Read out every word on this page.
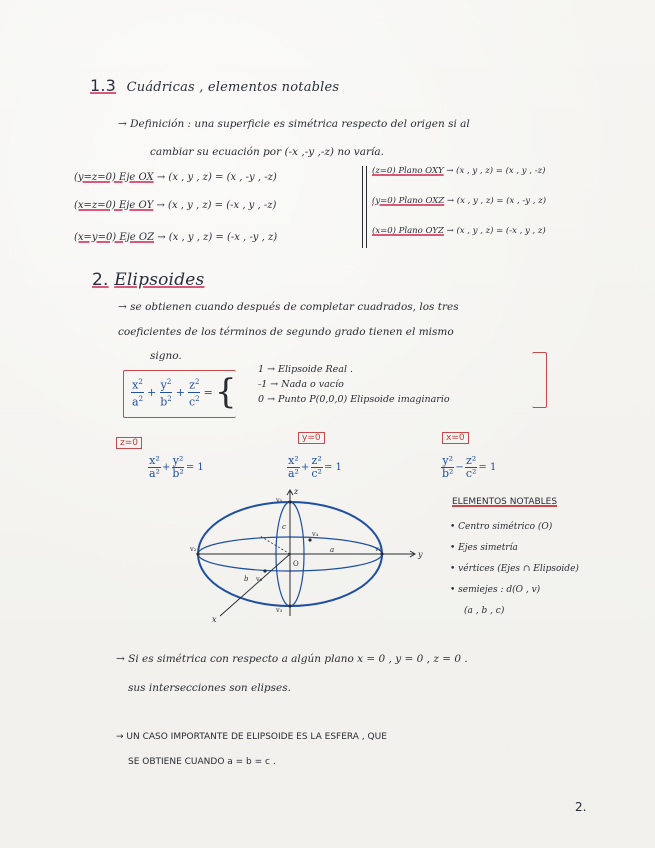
1.3 Cuádricas , elementos notables
→ Definición : una superficie es simétrica respecto del origen si al
cambiar su ecuación por (-x ,-y ,-z) no varía.
(y=z=0) Eje OX → (x , y , z) = (x , -y , -z)
(x=z=0) Eje OY → (x , y , z) = (-x , y , -z)
(x=y=0) Eje OZ → (x , y , z) = (-x , -y , z)
(z=0) Plano OXY → (x , y , z) = (x , y , -z)
(y=0) Plano OXZ → (x , y , z) = (x , -y , z)
(x=0) Plano OYZ → (x , y , z) = (-x , y , z)
2. Elipsoides
→ se obtienen cuando después de completar cuadrados, los tres
coeficientes de los términos de segundo grado tienen el mismo
signo.
$\frac{x^2}{a^2} + \frac{y^2}{b^2} + \frac{z^2}{c^2}$ = {
1 → Elipsoide Real .
-1 → Nada o vacío
0 → Punto P(0,0,0) Elipsoide imaginario
z=0
$\frac{\text{x²}}{\text{a²}} + \frac{\text{y²}}{\text{b²}} = 1$
y=0
$\frac{\text{x²}}{\text{a²}} + \frac{\text{z²}}{\text{c²}} = 1$
x=0
$\frac{\text{y²}}{\text{b²}} - \frac{\text{z²}}{\text{c²}} = 1$
z
y
x
v₂	v₁
v₅
v₃
v₆
v₄
a
b
c
O
ELEMENTOS NOTABLES
• Centro simétrico (O)
• Ejes simetría
• vértices (Ejes ∩ Elipsoide)
• semiejes : d(O , v)
(a , b , c)
→ Si es simétrica con respecto a algún plano x = 0 , y = 0 , z = 0 .
sus intersecciones son elipses.
→ UN CASO IMPORTANTE DE ELIPSOIDE ES LA ESFERA , QUE
SE OBTIENE CUANDO a = b = c .
2.
